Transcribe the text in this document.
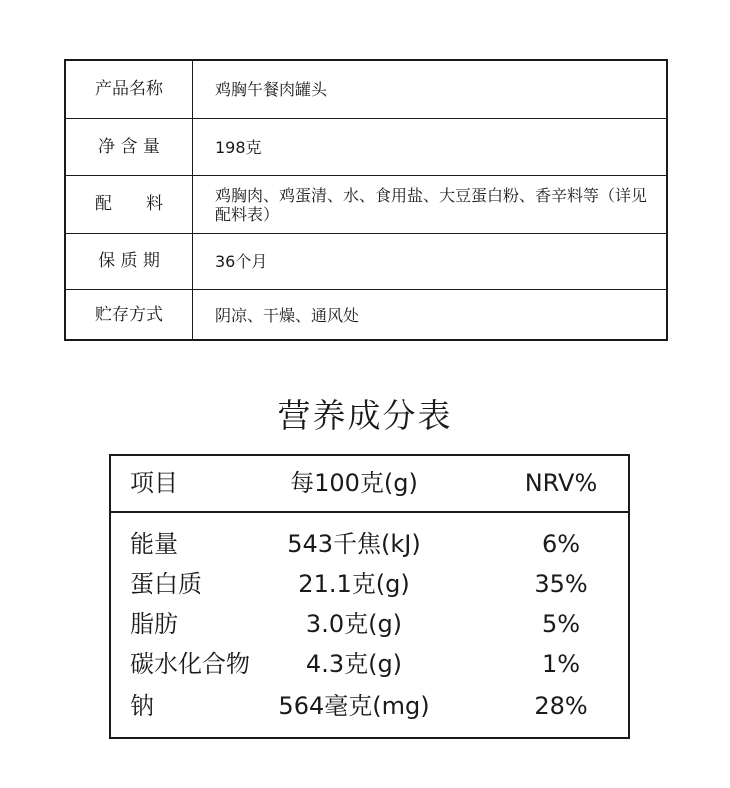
产品名称	鸡胸午餐肉罐头
净 含 量	198克
配　　料	鸡胸肉、鸡蛋清、水、食用盐、大豆蛋白粉、香辛料等（详见配料表）
保 质 期	36个月
贮存方式	阴凉、干燥、通风处
营养成分表
项目	每100克(g)	NRV%
能量	543千焦(kJ)	6%
蛋白质	21.1克(g)	35%
脂肪	3.0克(g)	5%
碳水化合物	4.3克(g)	1%
钠	564毫克(mg)	28%
